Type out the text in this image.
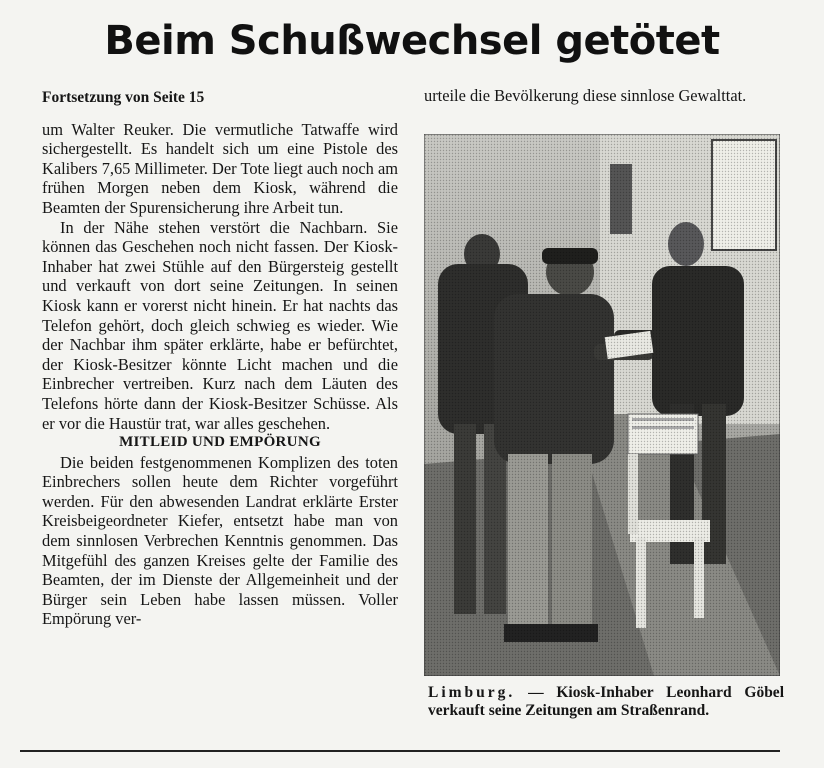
Beim Schußwechsel getötet
Fortsetzung von Seite 15

um Walter Reuker. Die vermutliche Tatwaffe wird sichergestellt. Es handelt sich um eine Pistole des Kalibers 7,65 Millimeter. Der Tote liegt auch noch am frühen Morgen neben dem Kiosk, während die Beamten der Spurensicherung ihre Arbeit tun.

In der Nähe stehen verstört die Nachbarn. Sie können das Geschehen noch nicht fassen. Der Kiosk-Inhaber hat zwei Stühle auf den Bürgersteig gestellt und verkauft von dort seine Zeitungen. In seinen Kiosk kann er vorerst nicht hinein. Er hat nachts das Telefon gehört, doch gleich schwieg es wieder. Wie der Nachbar ihm später erklärte, habe er befürchtet, der Kiosk-Besitzer könnte Licht machen und die Einbrecher vertreiben. Kurz nach dem Läuten des Telefons hörte dann der Kiosk-Besitzer Schüsse. Als er vor die Haustür trat, war alles geschehen.

MITLEID UND EMPÖRUNG

Die beiden festgenommenen Komplizen des toten Einbrechers sollen heute dem Richter vorgeführt werden. Für den abwesenden Landrat erklärte Erster Kreisbeigeordneter Kiefer, entsetzt habe man von dem sinnlosen Verbrechen Kenntnis genommen. Das Mitgefühl des ganzen Kreises gelte der Familie des Beamten, der im Dienste der Allgemeinheit und der Bürger sein Leben habe lassen müssen. Voller Empörung ver-

urteile die Bevölkerung diese sinnlose Gewalttat.
Limburg. — Kiosk-Inhaber Leonhard Göbel verkauft seine Zeitungen am Straßenrand.
